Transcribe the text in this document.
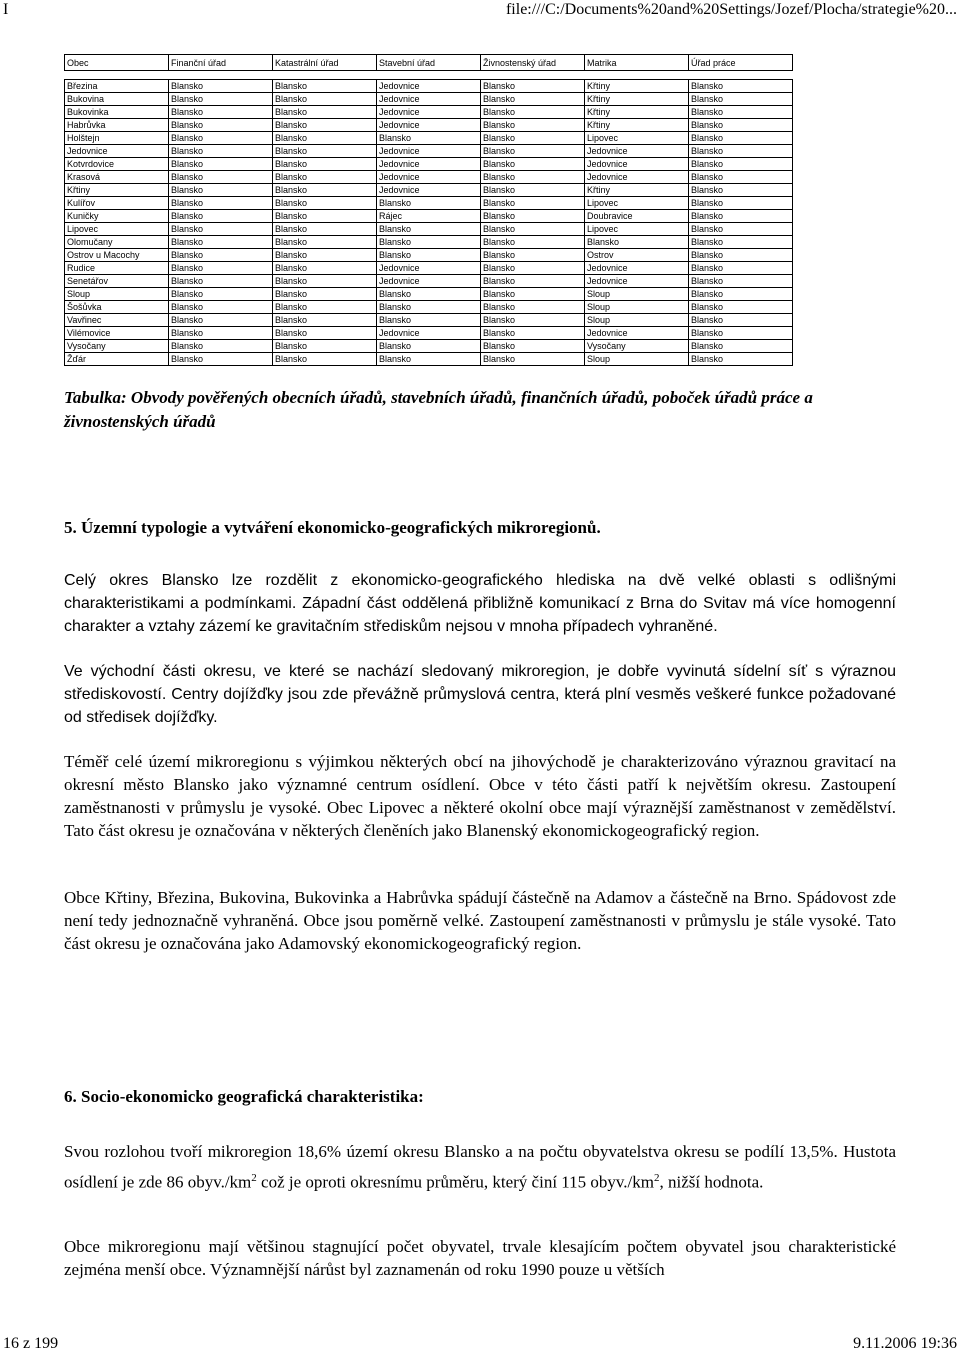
I	file:///C:/Documents%20and%20Settings/Jozef/Plocha/strategie%20...
Obec	Finanční úřad	Katastrální úřad	Stavební úřad	Živnostenský úřad	Matrika	Úřad práce

Březina	Blansko	Blansko	Jedovnice	Blansko	Křtiny	Blansko
Bukovina	Blansko	Blansko	Jedovnice	Blansko	Křtiny	Blansko
Bukovinka	Blansko	Blansko	Jedovnice	Blansko	Křtiny	Blansko
Habrůvka	Blansko	Blansko	Jedovnice	Blansko	Křtiny	Blansko
Holštejn	Blansko	Blansko	Blansko	Blansko	Lipovec	Blansko
Jedovnice	Blansko	Blansko	Jedovnice	Blansko	Jedovnice	Blansko
Kotvrdovice	Blansko	Blansko	Jedovnice	Blansko	Jedovnice	Blansko
Krasová	Blansko	Blansko	Jedovnice	Blansko	Jedovnice	Blansko
Křtiny	Blansko	Blansko	Jedovnice	Blansko	Křtiny	Blansko
Kulířov	Blansko	Blansko	Blansko	Blansko	Lipovec	Blansko
Kuničky	Blansko	Blansko	Rájec	Blansko	Doubravice	Blansko
Lipovec	Blansko	Blansko	Blansko	Blansko	Lipovec	Blansko
Olomučany	Blansko	Blansko	Blansko	Blansko	Blansko	Blansko
Ostrov u Macochy	Blansko	Blansko	Blansko	Blansko	Ostrov	Blansko
Rudice	Blansko	Blansko	Jedovnice	Blansko	Jedovnice	Blansko
Senetářov	Blansko	Blansko	Jedovnice	Blansko	Jedovnice	Blansko
Sloup	Blansko	Blansko	Blansko	Blansko	Sloup	Blansko
Šošůvka	Blansko	Blansko	Blansko	Blansko	Sloup	Blansko
Vavřinec	Blansko	Blansko	Blansko	Blansko	Sloup	Blansko
Vilémovice	Blansko	Blansko	Jedovnice	Blansko	Jedovnice	Blansko
Vysočany	Blansko	Blansko	Blansko	Blansko	Vysočany	Blansko
Žďár	Blansko	Blansko	Blansko	Blansko	Sloup	Blansko
Tabulka: Obvody pověřených obecních úřadů, stavebních úřadů, finančních úřadů, poboček úřadů práce a živnostenských úřadů
5. Územní typologie a vytváření ekonomicko-geografických mikroregionů.
Celý okres Blansko lze rozdělit z ekonomicko-geografického hlediska na dvě velké oblasti s odlišnými charakteristikami a podmínkami. Západní část oddělená přibližně komunikací z Brna do Svitav má více homogenní charakter a vztahy zázemí ke gravitačním střediskům nejsou v mnoha případech vyhraněné.
Ve východní části okresu, ve které se nachází sledovaný mikroregion, je dobře vyvinutá sídelní síť s výraznou střediskovostí. Centry dojížďky jsou zde převážně průmyslová centra, která plní vesměs veškeré funkce požadované od středisek dojížďky.
Téměř celé území mikroregionu s výjimkou některých obcí na jihovýchodě je charakterizováno výraznou gravitací na okresní město Blansko jako významné centrum osídlení. Obce v této části patří k největším okresu. Zastoupení zaměstnanosti v průmyslu je vysoké. Obec Lipovec a některé okolní obce mají výraznější zaměstnanost v zemědělství. Tato část okresu je označována v některých členěních jako Blanenský ekonomickogeografický region.
Obce Křtiny, Březina, Bukovina, Bukovinka a Habrůvka spádují částečně na Adamov a částečně na Brno. Spádovost zde není tedy jednoznačně vyhraněná. Obce jsou poměrně velké. Zastoupení zaměstnanosti v průmyslu je stále vysoké. Tato část okresu je označována jako Adamovský ekonomickogeografický region.
6. Socio-ekonomicko geografická charakteristika:
Svou rozlohou tvoří mikroregion 18,6% území okresu Blansko a na počtu obyvatelstva okresu se podílí 13,5%. Hustota osídlení je zde 86 $obyv./km^2$ což je oproti okresnímu průměru, který činí 115 $obyv./km^2$, nižší hodnota.
Obce mikroregionu mají většinou stagnující počet obyvatel, trvale klesajícím počtem obyvatel jsou charakteristické zejména menší obce. Významnější nárůst byl zaznamenán od roku 1990 pouze u větších
16 z 199	9.11.2006 19:36
